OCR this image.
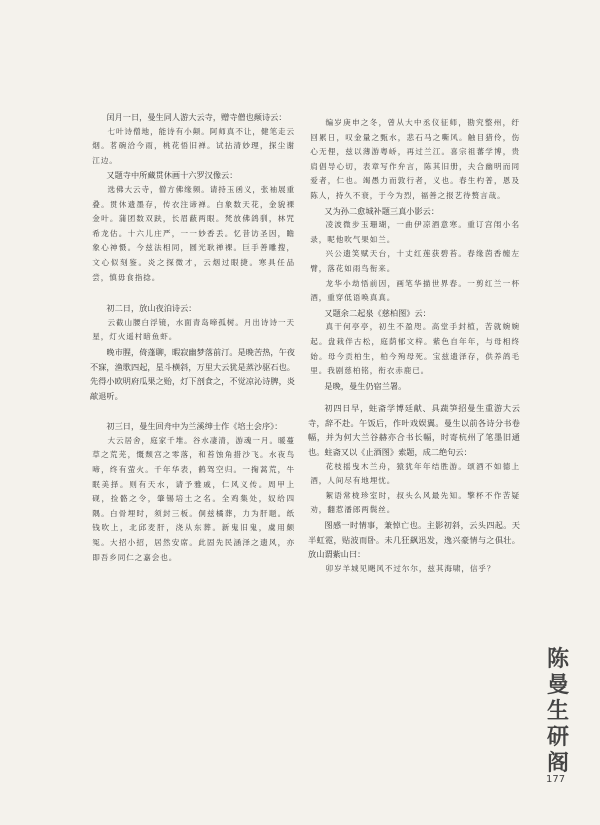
闰月一日，曼生同人游大云寺，赠寺僧也颠诗云：

七叶诗僧地，能诗有小颠。阿师真不让，健笔走云烟。茗碗洽今雨，桃花悟旧禅。试拈清妙理，探尘谢江边。

又题寺中所藏贯休画十六罗汉像云：

选佛大云寺，僧方佛缘频。请持玉函义，张袖展重叠。贯休遗墨存，传衣注谛禅。白象数天花，金貌裸金叶。蒲团数双趺，长眉蔽两眼。梵放佛鸽驯，林咒希龙估。十六儿庄严，一一妙香丢。忆昔访圣因，瞻象心神慑。今兹法相同，圆光耿禅裸。巨手善雕搜，文心似刻鉴。炎之探微才，云烟过眼捷。寒具任品尝，慎毋食指捻。

初二日，放山夜泊诗云：

云截山腰白浮镜，水面青岛啼孤树。月出诗诗一天星，灯火遥村暗鱼虾。

晚市腥，倚蓬聊，暇寂幽梦落前汀。是晚苦热，午夜不寐，渔歌四起，星斗横斜，万里大云犹是蒸沙驱石也。先得小欧明府瓜果之贻，灯下剖食之，不觉凉沁诗脾，炎歊退听。

初三日，曼生回舟中为兰溪绅士作《培土会序》：

大云居舍，庭家千堆。谷水凄清，游魂一月。暖蔓草之荒芜，慨颓宫之零落，和苔蚀角措沙飞。水夜鸟啼，终有萤火。千年华表，鹤驾空归。一掬蒿荒，牛眠美择。则有天水，请予雅戚，仁风义传。周甲上砚，捡骼之令，肇锡培土之名。全鸡集处，奴给四隅。白骨埋时，须封三板。侗兹橘葬，力为肝题。纸钱吹上，北邱麦肝，浇从东葬。新鬼旧鬼，虞用颇冤。大招小招，居然安席。此固先民涵泽之遗风，亦即吾乡同仁之嘉会也。

编岁庚申之冬，曾从大中丞仪征师，勘究整州，纡回累日，叹金量之甄水，悲石马之嘶风。触目猎伶，伤心无俚，兹以薄游粤峤，再过兰江。喜宗祖蕃学博，贵肩倡导心切，表章写作弁言，陈其旧册，夫合幽明而同爱者，仁也。竭愚力而敦行者，义也。春生杓普，恩及陈人，持久不衰，于今为烈，福善之报艺待赘言哉。

又为孙二愈城补题三真小影云：

凌波微步玉珊瑚，一曲伊凉酒意寒。重订宫闱小名录，呢他吹气果如兰。

兴公遗笑赋天台，十丈红莲获碧苔。春缘茵香缠左臂，落花如雨鸟衔来。

龙华小劫悟前因，画笔华描世界春。一剪红兰一杯酒，重穿低语唤真真。

又题余二起泉《慈柏图》云：

真干何亭亭，初生不盈咫。高堂手封植，苦就婉婉起。盘栽伴古松，庭荫郁文梓。紫色自年年，与母相终始。母今贡柏生，柏今殉母死。宝兹遗泽存，供养鸽毛里。我剧慈柏铭，衔衣赤鹿已。

是晚，曼生仍宿兰署。

初四日早，蛀斋学博廷献、具蔬笋招曼生重游大云寺，辞不赴。午饭后，作叶戏娱翼。曼生以前各诗分书卷幅，并为何大兰谷赫亦合书长幅，时寄杭州了笔墨旧通也。蛀斋又以《止酒图》索题，成二绝句云：

花枝摇曳木兰舟，猿犹年年结胜游。颂酒不如德上酒，人间尽有地埋忧。

絮语常栊珍室时，叔头么风最先知。擎杯不作苦疑劝，翻惹潘郎两鬓丝。

图感一时情事，兼悼亡也。主影初斜，云头四起。天半虹霓，贴波而卧。未几狂飙迅发，逸兴豪情与之俱壮。放山谓紫山曰：

卯岁羊城见飓风不过尔尔，兹其海啸，信乎？

陈
曼
生
研
阁
177
